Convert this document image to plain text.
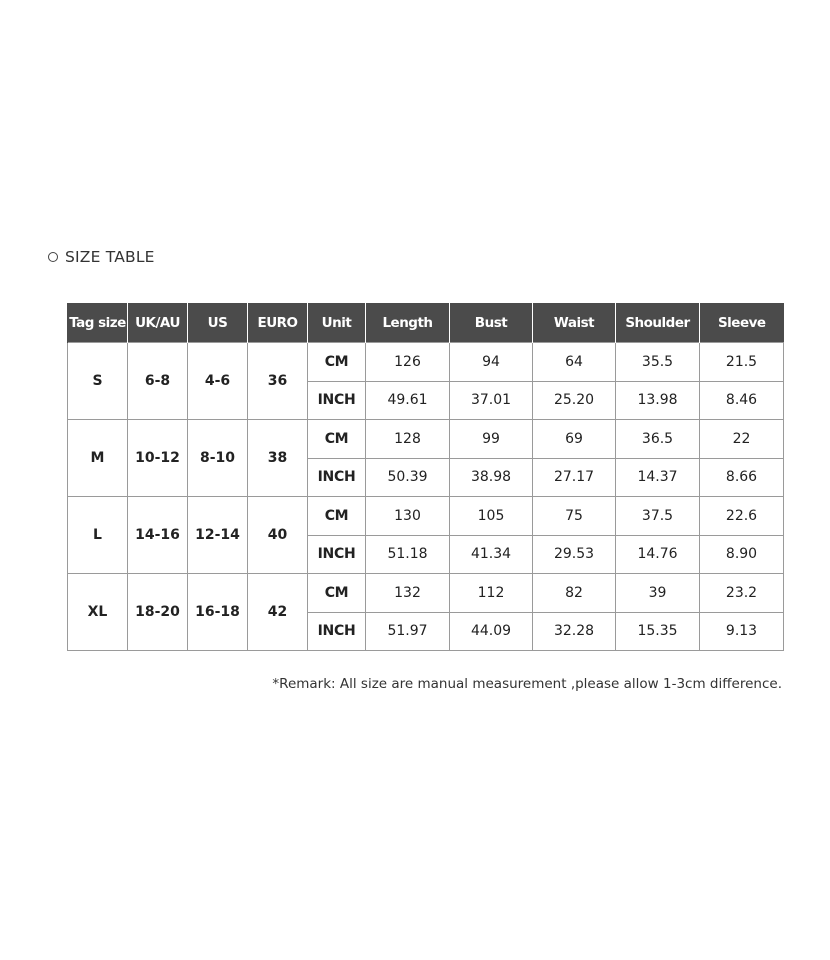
SIZE TABLE
Tag size	UK/AU	US	EURO	Unit	Length	Bust	Waist	Shoulder	Sleeve
S	6-8	4-6	36	CM	126	94	64	35.5	21.5
				INCH	49.61	37.01	25.20	13.98	8.46
M	10-12	8-10	38	CM	128	99	69	36.5	22
				INCH	50.39	38.98	27.17	14.37	8.66
L	14-16	12-14	40	CM	130	105	75	37.5	22.6
				INCH	51.18	41.34	29.53	14.76	8.90
XL	18-20	16-18	42	CM	132	112	82	39	23.2
				INCH	51.97	44.09	32.28	15.35	9.13
*Remark: All size are manual measurement ,please allow 1-3cm difference.
